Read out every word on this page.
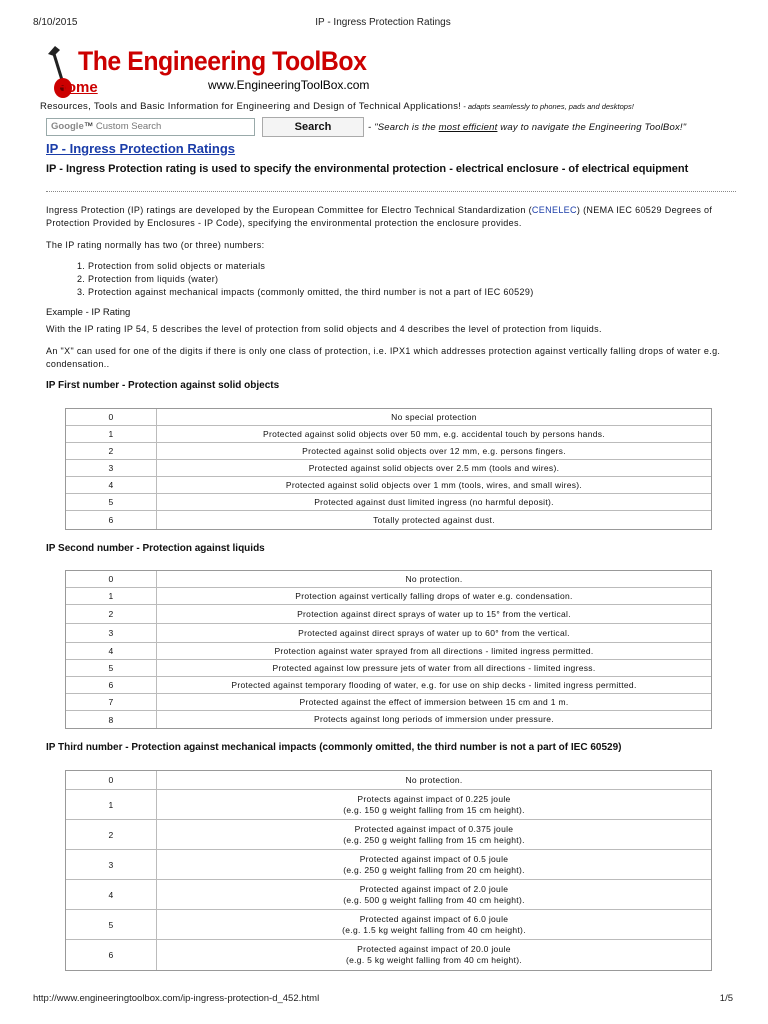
8/10/2015	IP - Ingress Protection Ratings
The Engineering ToolBox
www.EngineeringToolBox.com
Home
Resources, Tools and Basic Information for Engineering and Design of Technical Applications! - adapts seamlessly to phones, pads and desktops!
Google™ Custom Search	Search	- "Search is the most efficient way to navigate the Engineering ToolBox!"
IP - Ingress Protection Ratings
IP - Ingress Protection rating is used to specify the environmental protection - electrical enclosure - of electrical equipment
Ingress Protection (IP) ratings are developed by the European Committee for Electro Technical Standardization (CENELEC) (NEMA IEC 60529 Degrees of Protection Provided by Enclosures - IP Code), specifying the environmental protection the enclosure provides.
The IP rating normally has two (or three) numbers:
1. Protection from solid objects or materials
2. Protection from liquids (water)
3. Protection against mechanical impacts (commonly omitted, the third number is not a part of IEC 60529)
Example - IP Rating
With the IP rating IP 54, 5 describes the level of protection from solid objects and 4 describes the level of protection from liquids.
An "X" can used for one of the digits if there is only one class of protection, i.e. IPX1 which addresses protection against vertically falling drops of water e.g. condensation..
IP First number - Protection against solid objects
0	No special protection

1	Protected against solid objects over 50 mm, e.g. accidental touch by persons hands.

2	Protected against solid objects over 12 mm, e.g. persons fingers.

3	Protected against solid objects over 2.5 mm (tools and wires).

4	Protected against solid objects over 1 mm (tools, wires, and small wires).

5	Protected against dust limited ingress (no harmful deposit).

6	Totally protected against dust.
IP Second number - Protection against liquids
0	No protection.

1	Protection against vertically falling drops of water e.g. condensation.

2	Protection against direct sprays of water up to 15° from the vertical.

3	Protected against direct sprays of water up to 60° from the vertical.

4	Protection against water sprayed from all directions - limited ingress permitted.

5	Protected against low pressure jets of water from all directions - limited ingress.

6	Protected against temporary flooding of water, e.g. for use on ship decks - limited ingress permitted.

7	Protected against the effect of immersion between 15 cm and 1 m.

8	Protects against long periods of immersion under pressure.
IP Third number - Protection against mechanical impacts (commonly omitted, the third number is not a part of IEC 60529)
0	No protection.

1	Protects against impact of 0.225 joule
(e.g. 150 g weight falling from 15 cm height).

2	Protected against impact of 0.375 joule
(e.g. 250 g weight falling from 15 cm height).

3	Protected against impact of 0.5 joule
(e.g. 250 g weight falling from 20 cm height).

4	Protected against impact of 2.0 joule
(e.g. 500 g weight falling from 40 cm height).

5	Protected against impact of 6.0 joule
(e.g. 1.5 kg weight falling from 40 cm height).

6	Protected against impact of 20.0 joule
(e.g. 5 kg weight falling from 40 cm height).
http://www.engineeringtoolbox.com/ip-ingress-protection-d_452.html	1/5
